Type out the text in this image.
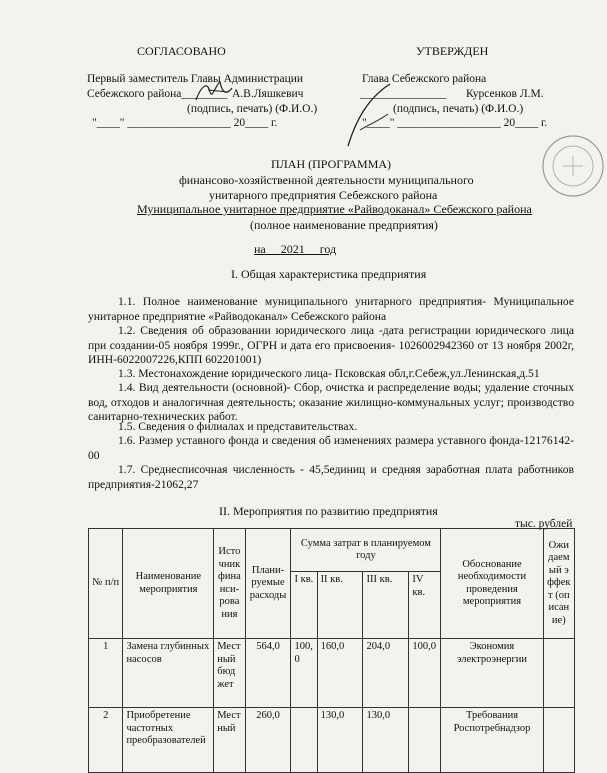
СОГЛАСОВАНО	УТВЕРЖДЕН
Первый заместитель Главы Администрации
Себежского района________ А.В.Ляшкевич
(подпись, печать) (Ф.И.О.)
"____" __________________ 20____ г.
Глава Себежского района
_______________ Курсенков Л.М.
(подпись, печать) (Ф.И.О.)
"____" __________________ 20____ г.
ПЛАН (ПРОГРАММА)
финансово-хозяйственной деятельности муниципального
унитарного предприятия Себежского района
Муниципальное унитарное предприятие «Райводоканал» Себежского района
(полное наименование предприятия)
на 2021 год
I. Общая характеристика предприятия
1.1. Полное наименование муниципального унитарного предприятия- Муниципальное унитарное предприятие «Райводоканал» Себежского района
1.2. Сведения об образовании юридического лица -дата регистрации юридического лица при создании-05 ноября 1999г., ОГРН и дата его присвоения- 1026002942360 от 13 ноября 2002г, ИНН-6022007226,КПП 602201001)
1.3. Местонахождение юридического лица- Псковская обл,г.Себеж,ул.Ленинская,д.51
1.4. Вид деятельности (основной)- Сбор, очистка и распределение воды; удаление сточных вод, отходов и аналогичная деятельность; оказание жилищно-коммунальных услуг; производство санитарно-технических работ.
1.5. Сведения о филиалах и представительствах.
1.6. Размер уставного фонда и сведения об изменениях размера уставного фонда-12176142-00
1.7. Среднесписочная численность - 45,5единиц и средняя заработная плата работников предприятия-21062,27
II. Мероприятия по развитию предприятия
тыс. рублей
№ п/п	Наименование мероприятия	Источник финанси-рования	Плани-руемые расходы	Сумма затрат в планируемом году				Обоснование необходимости проведения мероприятия	Ожидаемый эффект (описание)
				I кв.	II кв.	III кв.	IV кв.		
1	Замена глубинных насосов	Местный бюджет	564,0	100,0	160,0	204,0	100,0	Экономия электроэнергии	
2	Приобретение частотных преобразователей	Местный	260,0		130,0	130,0		Требования Роспотребнадзор	
